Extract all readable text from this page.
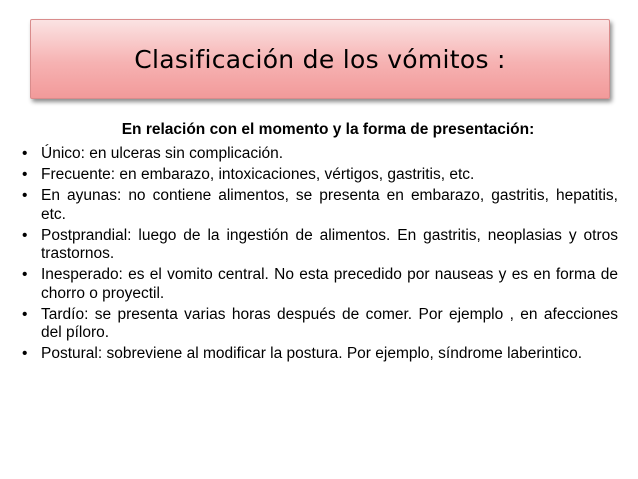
Clasificación de los vómitos :
En relación con el momento y la forma de presentación:
• Único: en ulceras sin complicación.
• Frecuente: en embarazo, intoxicaciones, vértigos, gastritis, etc.
• En ayunas: no contiene alimentos, se presenta en embarazo, gastritis, hepatitis, etc.
• Postprandial: luego de la ingestión de alimentos. En gastritis, neoplasias y otros trastornos.
• Inesperado: es el vomito central. No esta precedido por nauseas y es en forma de chorro o proyectil.
• Tardío: se presenta varias horas después de comer. Por ejemplo , en afecciones del píloro.
• Postural: sobreviene al modificar la postura. Por ejemplo, síndrome laberintico.
